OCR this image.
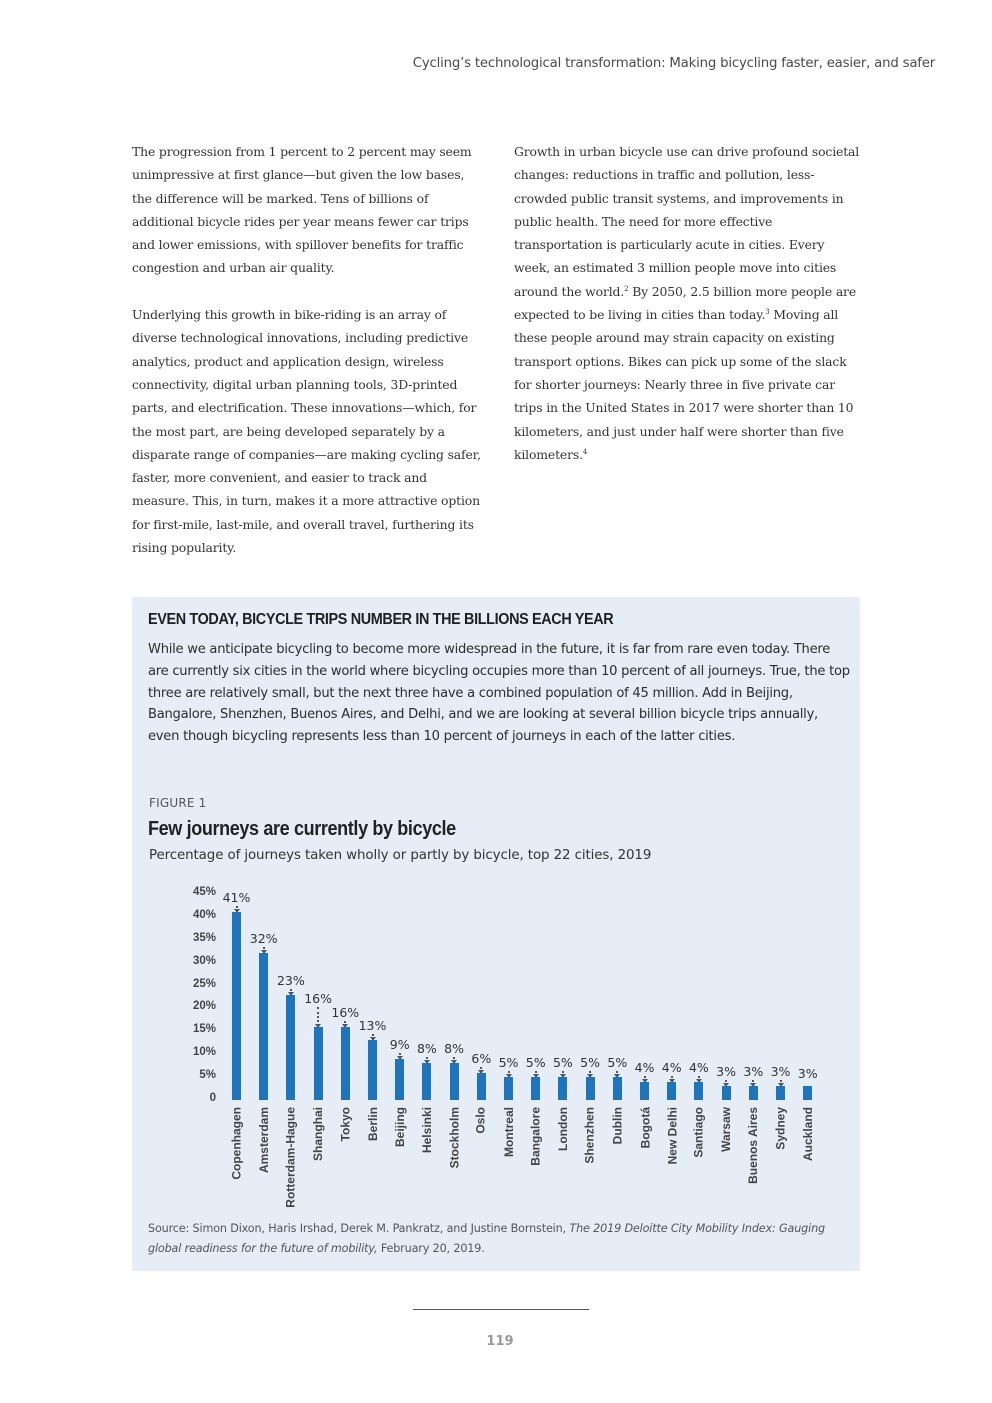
Cycling’s technological transformation: Making bicycling faster, easier, and safer

The progression from 1 percent to 2 percent may seem unimpressive at first glance—but given the low bases, the difference will be marked. Tens of billions of additional bicycle rides per year means fewer car trips and lower emissions, with spillover benefits for traffic congestion and urban air quality.

Underlying this growth in bike-riding is an array of diverse technological innovations, including predictive analytics, product and application design, wireless connectivity, digital urban planning tools, 3D-printed parts, and electrification. These innovations—which, for the most part, are being developed separately by a disparate range of companies—are making cycling safer, faster, more convenient, and easier to track and measure. This, in turn, makes it a more attractive option for first-mile, last-mile, and overall travel, furthering its rising popularity.

Growth in urban bicycle use can drive profound societal changes: reductions in traffic and pollution, less-crowded public transit systems, and improvements in public health. The need for more effective transportation is particularly acute in cities. Every week, an estimated 3 million people move into cities around the world.$^2$ By 2050, 2.5 billion more people are expected to be living in cities than today.$^3$ Moving all these people around may strain capacity on existing transport options. Bikes can pick up some of the slack for shorter journeys: Nearly three in five private car trips in the United States in 2017 were shorter than 10 kilometers, and just under half were shorter than five kilometers.$^4$

EVEN TODAY, BICYCLE TRIPS NUMBER IN THE BILLIONS EACH YEAR
While we anticipate bicycling to become more widespread in the future, it is far from rare even today. There are currently six cities in the world where bicycling occupies more than 10 percent of all journeys. True, the top three are relatively small, but the next three have a combined population of 45 million. Add in Beijing, Bangalore, Shenzhen, Buenos Aires, and Delhi, and we are looking at several billion bicycle trips annually, even though bicycling represents less than 10 percent of journeys in each of the latter cities.
FIGURE 1
Few journeys are currently by bicycle
Percentage of journeys taken wholly or partly by bicycle, top 22 cities, 2019
0
5%
10%
15%
20%
25%
30%
35%
40%
45% 41%
Copenhagen
32%
Amsterdam
23%
Rotterdam-Hague
16%
Shanghai
16%
Tokyo
13%
Berlin
9%
Beijing
8%
Helsinki
8%
Stockholm
6%
Oslo
5%
Montreal
5%
Bangalore
5%
London
5%
Shenzhen
5%
Dublin
4%
Bogotá
4%
New Delhi
4%
Santiago
3%
Warsaw
3%
Buenos Aires
3%
Sydney
3%
Auckland
Source: Simon Dixon, Haris Irshad, Derek M. Pankratz, and Justine Bornstein, The 2019 Deloitte City Mobility Index: Gauging global readiness for the future of mobility, February 20, 2019.
119
